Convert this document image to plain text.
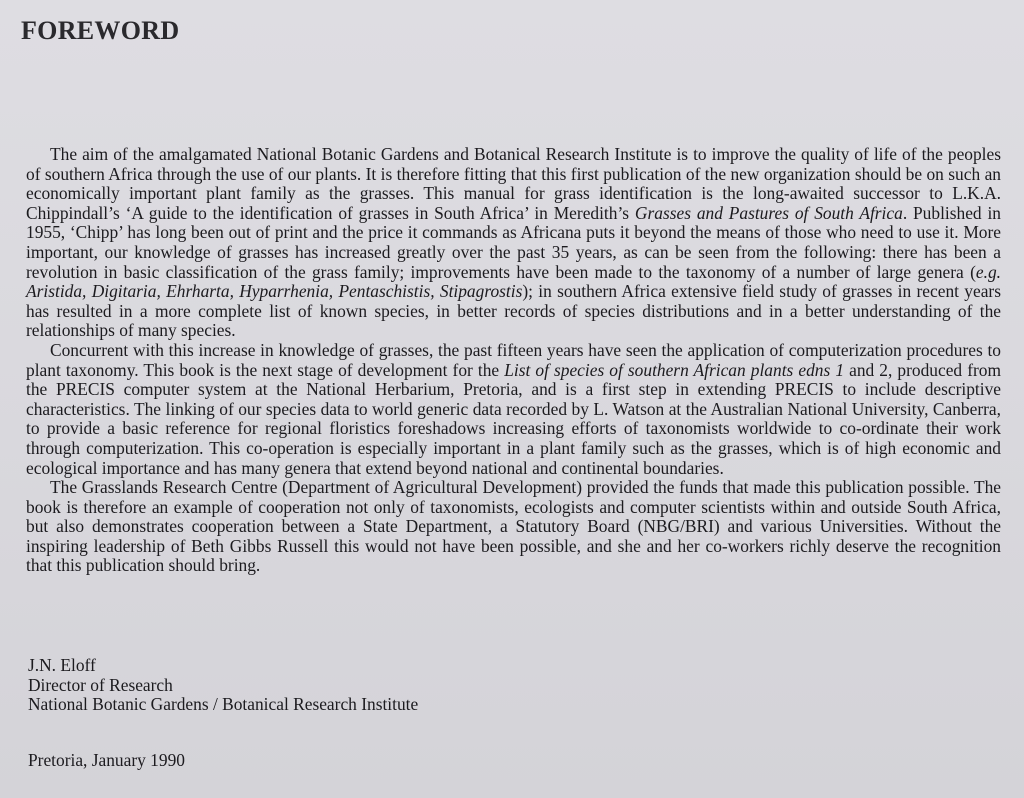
FOREWORD

The aim of the amalgamated National Botanic Gardens and Botanical Research Institute is to improve the quality of life of the peoples of southern Africa through the use of our plants. It is therefore fitting that this first publication of the new organization should be on such an economically important plant family as the grasses. This manual for grass identification is the long-awaited successor to L.K.A. Chippindall’s ‘A guide to the identification of grasses in South Africa’ in Meredith’s Grasses and Pastures of South Africa. Published in 1955, ‘Chipp’ has long been out of print and the price it commands as Africana puts it beyond the means of those who need to use it. More important, our knowledge of grasses has increased greatly over the past 35 years, as can be seen from the following: there has been a revolution in basic classification of the grass family; improvements have been made to the taxonomy of a number of large genera (e.g. Aristida, Digitaria, Ehrharta, Hyparrhenia, Pentaschistis, Stipagrostis); in southern Africa extensive field study of grasses in recent years has resulted in a more complete list of known species, in better records of species distributions and in a better understanding of the relationships of many species.

Concurrent with this increase in knowledge of grasses, the past fifteen years have seen the application of computerization procedures to plant taxonomy. This book is the next stage of development for the List of species of southern African plants edns 1 and 2, produced from the PRECIS computer system at the National Herbarium, Pretoria, and is a first step in extending PRECIS to include descriptive characteristics. The linking of our species data to world generic data recorded by L. Watson at the Australian National University, Canberra, to provide a basic reference for regional floristics foreshadows increasing efforts of taxonomists worldwide to co-ordinate their work through computerization. This co-operation is especially important in a plant family such as the grasses, which is of high economic and ecological importance and has many genera that extend beyond national and continental boundaries.

The Grasslands Research Centre (Department of Agricultural Development) provided the funds that made this publication possible. The book is therefore an example of cooperation not only of taxonomists, ecologists and computer scientists within and outside South Africa, but also demonstrates cooperation between a State Department, a Statutory Board (NBG/BRI) and various Universities. Without the inspiring leadership of Beth Gibbs Russell this would not have been possible, and she and her co-workers richly deserve the recognition that this publication should bring.

J.N. Eloff
Director of Research
National Botanic Gardens / Botanical Research Institute
Pretoria, January 1990
